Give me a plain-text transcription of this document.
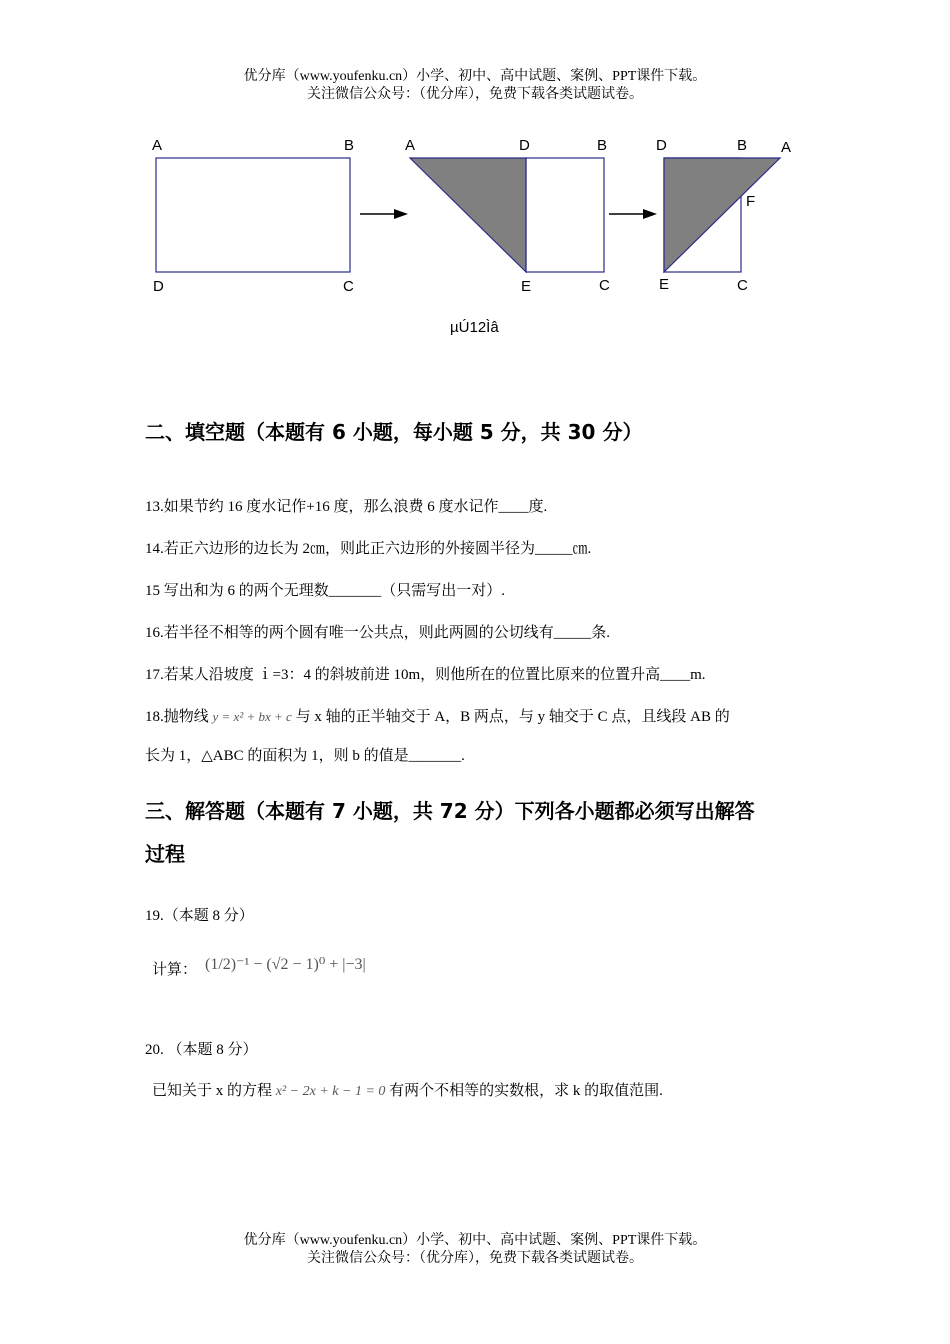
优分库（www.youfenku.cn）小学、初中、高中试题、案例、PPT课件下载。
关注微信公众号：（优分库），免费下载各类试题试卷。
A	B
D	C
A	D	B
E	C
D	B A
F
E	C
µÚ12Ìâ
二、填空题（本题有 6 小题，每小题 5 分，共 30 分）
13.如果节约 16 度水记作+16 度，那么浪费 6 度水记作____度.
14.若正六边形的边长为 2㎝，则此正六边形的外接圆半径为_____㎝.
15 写出和为 6 的两个无理数_______（只需写出一对）.
16.若半径不相等的两个圆有唯一公共点，则此两圆的公切线有_____条.
17.若某人沿坡度 ｉ=3：4 的斜坡前进 10m，则他所在的位置比原来的位置升高____m.
18.抛物线 y = x² + bx + c 与 x 轴的正半轴交于 A，B 两点，与 y 轴交于 C 点，且线段 AB 的
长为 1，△ABC 的面积为 1，则 b 的值是_______.
三、解答题（本题有 7 小题，共 72 分）下列各小题都必须写出解答
过程
19.（本题 8 分）
计算： (1/2)⁻¹ − (√2 − 1)⁰ + |−3|
20. （本题 8 分）
已知关于 x 的方程 x² − 2x + k − 1 = 0 有两个不相等的实数根，求 k 的取值范围.
优分库（www.youfenku.cn）小学、初中、高中试题、案例、PPT课件下载。
关注微信公众号：（优分库），免费下载各类试题试卷。
